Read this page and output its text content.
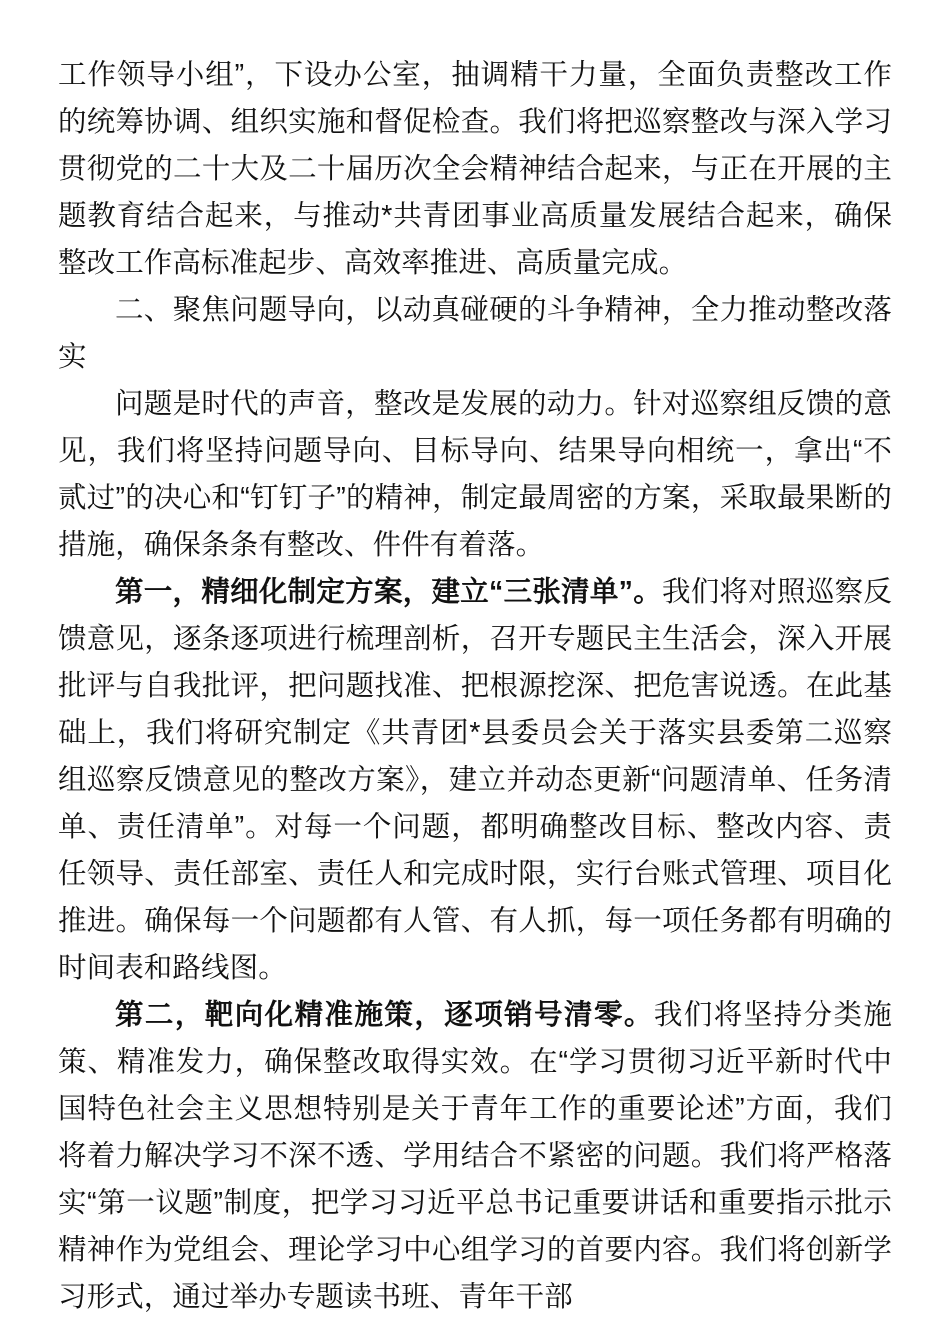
工作领导小组”，下设办公室，抽调精干力量，全面负责整改工作的统筹协调、组织实施和督促检查。我们将把巡察整改与深入学习贯彻党的二十大及二十届历次全会精神结合起来，与正在开展的主题教育结合起来，与推动*共青团事业高质量发展结合起来，确保整改工作高标准起步、高效率推进、高质量完成。

二、聚焦问题导向，以动真碰硬的斗争精神，全力推动整改落实

问题是时代的声音，整改是发展的动力。针对巡察组反馈的意见，我们将坚持问题导向、目标导向、结果导向相统一，拿出“不贰过”的决心和“钉钉子”的精神，制定最周密的方案，采取最果断的措施，确保条条有整改、件件有着落。

第一，精细化制定方案，建立“三张清单”。我们将对照巡察反馈意见，逐条逐项进行梳理剖析，召开专题民主生活会，深入开展批评与自我批评，把问题找准、把根源挖深、把危害说透。在此基础上，我们将研究制定《共青团*县委员会关于落实县委第二巡察组巡察反馈意见的整改方案》，建立并动态更新“问题清单、任务清单、责任清单”。对每一个问题，都明确整改目标、整改内容、责任领导、责任部室、责任人和完成时限，实行台账式管理、项目化推进。确保每一个问题都有人管、有人抓，每一项任务都有明确的时间表和路线图。

第二，靶向化精准施策，逐项销号清零。我们将坚持分类施策、精准发力，确保整改取得实效。在“学习贯彻习近平新时代中国特色社会主义思想特别是关于青年工作的重要论述”方面，我们将着力解决学习不深不透、学用结合不紧密的问题。我们将严格落实“第一议题”制度，把学习习近平总书记重要讲话和重要指示批示精神作为党组会、理论学习中心组学习的首要内容。我们将创新学习形式，通过举办专题读书班、青年干部
